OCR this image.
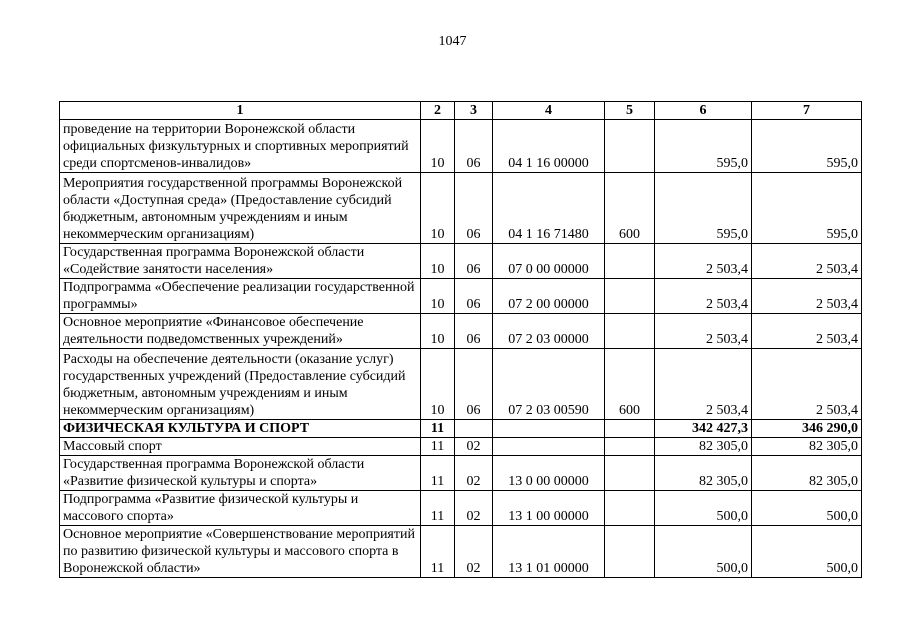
1047
1	2	3	4	5	6	7
проведение на территории Воронежской области официальных физкультурных и спортивных мероприятий среди спортсменов-инвалидов»	10	06	04 1 16 00000		595,0	595,0
Мероприятия государственной программы Воронежской области «Доступная среда» (Предоставление субсидий бюджетным, автономным учреждениям и иным некоммерческим организациям)	10	06	04 1 16 71480	600	595,0	595,0
Государственная программа Воронежской области «Содействие занятости населения»	10	06	07 0 00 00000		2 503,4	2 503,4
Подпрограмма «Обеспечение реализации государственной программы»	10	06	07 2 00 00000		2 503,4	2 503,4
Основное мероприятие «Финансовое обеспечение деятельности подведомственных учреждений»	10	06	07 2 03 00000		2 503,4	2 503,4
Расходы на обеспечение деятельности (оказание услуг) государственных учреждений (Предоставление субсидий бюджетным, автономным учреждениям и иным некоммерческим организациям)	10	06	07 2 03 00590	600	2 503,4	2 503,4
ФИЗИЧЕСКАЯ КУЛЬТУРА И СПОРТ	11				342 427,3	346 290,0
Массовый спорт	11	02			82 305,0	82 305,0
Государственная программа Воронежской области «Развитие физической культуры и спорта»	11	02	13 0 00 00000		82 305,0	82 305,0
Подпрограмма «Развитие физической культуры и массового спорта»	11	02	13 1 00 00000		500,0	500,0
Основное мероприятие «Совершенствование мероприятий по развитию физической культуры и массового спорта в Воронежской области»	11	02	13 1 01 00000		500,0	500,0
